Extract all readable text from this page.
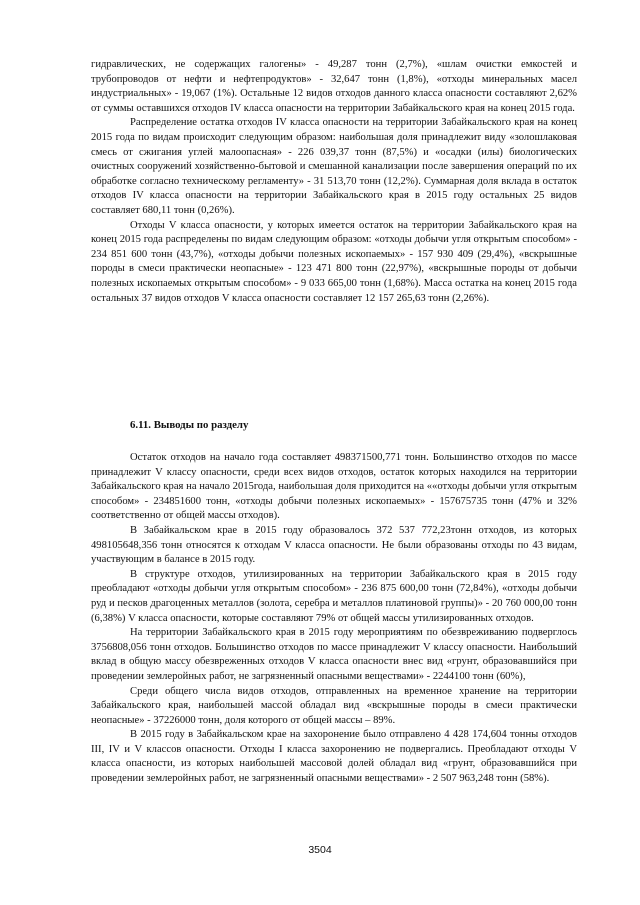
гидравлических, не содержащих галогены» - 49,287 тонн (2,7%), «шлам очистки емкостей и трубопроводов от нефти и нефтепродуктов» - 32,647 тонн (1,8%), «отходы минеральных масел индустриальных» - 19,067 (1%). Остальные 12 видов отходов данного класса опасности составляют 2,62% от суммы оставшихся отходов IV класса опасности на территории Забайкальского края на конец 2015 года.

Распределение остатка отходов IV класса опасности на территории Забайкальского края на конец 2015 года по видам происходит следующим образом: наибольшая доля принадлежит виду «золошлаковая смесь от сжигания углей малоопасная» - 226 039,37 тонн (87,5%) и «осадки (илы) биологических очистных сооружений хозяйственно-бытовой и смешанной канализации после завершения операций по их обработкe согласно техническому регламенту» - 31 513,70 тонн (12,2%). Суммарная доля вклада в остаток отходов IV класса опасности на территории Забайкальского края в 2015 году остальных 25 видов составляет 680,11 тонн (0,26%).

Отходы V класса опасности, у которых имеется остаток на территории Забайкальского края на конец 2015 года распределены по видам следующим образом: «отходы добычи угля открытым способом» - 234 851 600 тонн (43,7%), «отходы добычи полезных ископаемых» - 157 930 409 (29,4%), «вскрышные породы в смеси практически неопасные» - 123 471 800 тонн (22,97%), «вскрышные породы от добычи полезных ископаемых открытым способом» - 9 033 665,00 тонн (1,68%). Масса остатка на конец 2015 года остальных 37 видов отходов V класса опасности составляет 12 157 265,63 тонн (2,26%).

6.11. Выводы по разделу

Остаток отходов на начало года составляет 498371500,771 тонн. Большинство отходов по массе принадлежит V классу опасности, среди всех видов отходов, остаток которых находился на территории Забайкальского края на начало 2015года, наибольшая доля приходится на ««отходы добычи угля открытым способом» - 234851600 тонн, «отходы добычи полезных ископаемых» - 157675735 тонн (47% и 32% соответственно от общей массы отходов).

В Забайкальском крае в 2015 году образовалось 372 537 772,23тонн отходов, из которых 498105648,356 тонн относятся к отходам V класса опасности. Не были образованы отходы по 43 видам, участвующим в балансе в 2015 году.

В структуре отходов, утилизированных на территории Забайкальского края в 2015 году преобладают «отходы добычи угля открытым способом» - 236 875 600,00 тонн (72,84%), «отходы добычи руд и песков драгоценных металлов (золота, серебра и металлов платиновой группы)» - 20 760 000,00 тонн (6,38%) V класса опасности, которые составляют 79% от общей массы утилизированных отходов.

На территории Забайкальского края в 2015 году мероприятиям по обезвреживанию подверглось 3756808,056 тонн отходов. Большинство отходов по массе принадлежит V классу опасности. Наибольший вклад в общую массу обезвреженных отходов V класса опасности внес вид «грунт, образовавшийся при проведении землеройных работ, не загрязненный опасными веществами» - 2244100 тонн (60%),

Среди общего числа видов отходов, отправленных на временное хранение на территории Забайкальского края, наибольшей массой обладал вид «вскрышные породы в смеси практически неопасные» - 37226000 тонн, доля которого от общей массы – 89%.

В 2015 году в Забайкальском крае на захоронение было отправлено 4 428 174,604 тонны отходов III, IV и V классов опасности. Отходы I класса захоронению не подвергались. Преобладают отходы V класса опасности, из которых наибольшей массовой долей обладал вид «грунт, образовавшийся при проведении землеройных работ, не загрязненный опасными веществами» - 2 507 963,248 тонн (58%).

3504
